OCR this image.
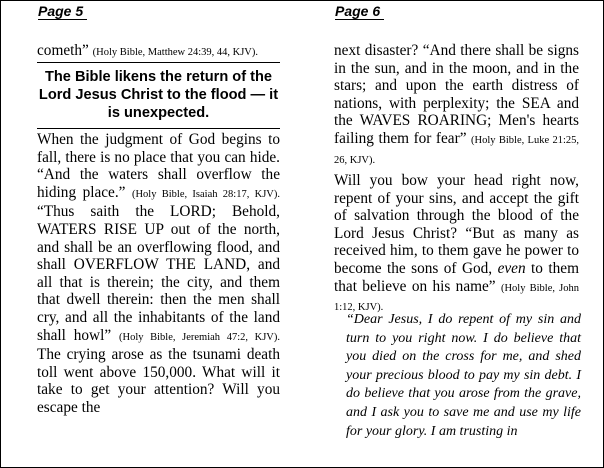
Page 5
cometh” (Holy Bible, Matthew 24:39, 44, KJV).
The Bible likens the return of the Lord Jesus Christ to the flood — it is unexpected.
When the judgment of God begins to fall, there is no place that you can hide. “And the waters shall overflow the hiding place.” (Holy Bible, Isaiah 28:17, KJV). “Thus saith the LORD; Behold, WATERS RISE UP out of the north, and shall be an overflowing flood, and shall OVERFLOW THE LAND, and all that is therein; the city, and them that dwell therein: then the men shall cry, and all the inhabitants of the land shall howl” (Holy Bible, Jeremiah 47:2, KJV). The crying arose as the tsunami death toll went above 150,000. What will it take to get your attention? Will you escape the
Page 6
next disaster? “And there shall be signs in the sun, and in the moon, and in the stars; and upon the earth distress of nations, with perplexity; the SEA and the WAVES ROARING; Men's hearts failing them for fear” (Holy Bible, Luke 21:25, 26, KJV).
Will you bow your head right now, repent of your sins, and accept the gift of salvation through the blood of the Lord Jesus Christ? “But as many as received him, to them gave he power to become the sons of God, even to them that believe on his name” (Holy Bible, John 1:12, KJV).
“Dear Jesus, I do repent of my sin and turn to you right now. I do believe that you died on the cross for me, and shed your precious blood to pay my sin debt. I do believe that you arose from the grave, and I ask you to save me and use my life for your glory. I am trusting in
